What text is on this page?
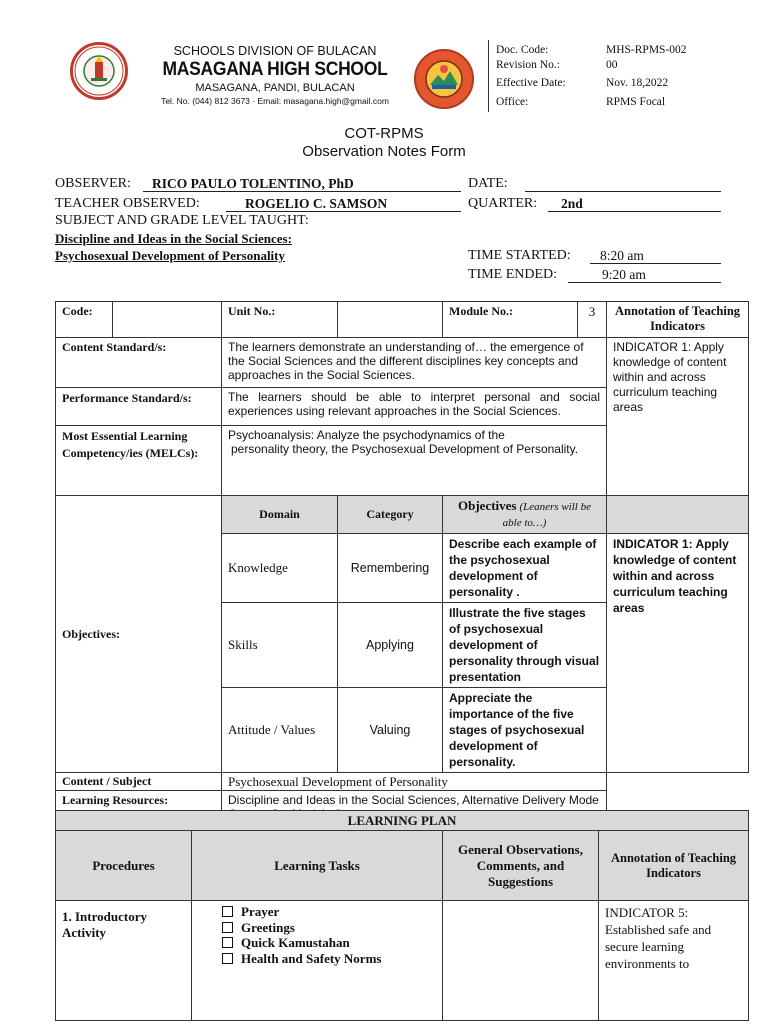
SCHOOLS DIVISION OF BULACAN
MASAGANA HIGH SCHOOL
MASAGANA, PANDI, BULACAN
Tel. No. (044) 812 3673 · Email: masagana.high@gmail.com
Doc. Code:	MHS-RPMS-002
Revision No.:	00
Effective Date:	Nov. 18,2022
Office:	RPMS Focal
COT-RPMS
Observation Notes Form
OBSERVER: RICO PAULO TOLENTINO, PhD	DATE:
TEACHER OBSERVED:	ROGELIO C. SAMSON	QUARTER: 2nd
SUBJECT AND GRADE LEVEL TAUGHT:
Discipline and Ideas in the Social Sciences:
Psychosexual Development of Personality	TIME STARTED: 8:20 am
TIME ENDED:	9:20 am
Code:		Unit No.:		Module No.:	3	Annotation of Teaching Indicators
Content Standard/s:		The learners demonstrate an understanding of… the emergence of the Social Sciences and the different disciplines key concepts and approaches in the Social Sciences.				INDICATOR 1: Apply knowledge of content within and across curriculum teaching areas
Performance Standard/s:		The learners should be able to interpret personal and social experiences using relevant approaches in the Social Sciences.				
Most Essential Learning Competency/ies (MELCs):		Psychoanalysis: Analyze the psychodynamics of the
personality theory, the Psychosexual Development of Personality.				

Objectives:		Domain	Category	Objectives (Leaners will be able to…)		
		Knowledge	Remembering	Describe each example of the psychosexual development of personality .		INDICATOR 1: Apply knowledge of content within and across curriculum teaching areas
		Skills	Applying	Illustrate the five stages of psychosexual development of personality through visual presentation		
		Attitude / Values	Valuing	Appreciate the importance of the five stages of psychosexual development of personality.		
Content / Subject		Psychosexual Development of Personality				
Learning Resources:		Discipline and Ideas in the Social Sciences, Alternative Delivery Mode				
LEARNING PLAN			
Procedures	Learning Tasks	General Observations, Comments, and Suggestions	Annotation of Teaching Indicators
1. Introductory Activity	Prayer
Greetings
Quick Kamustahan
Health and Safety Norms		INDICATOR 5: Established safe and secure learning environments to
